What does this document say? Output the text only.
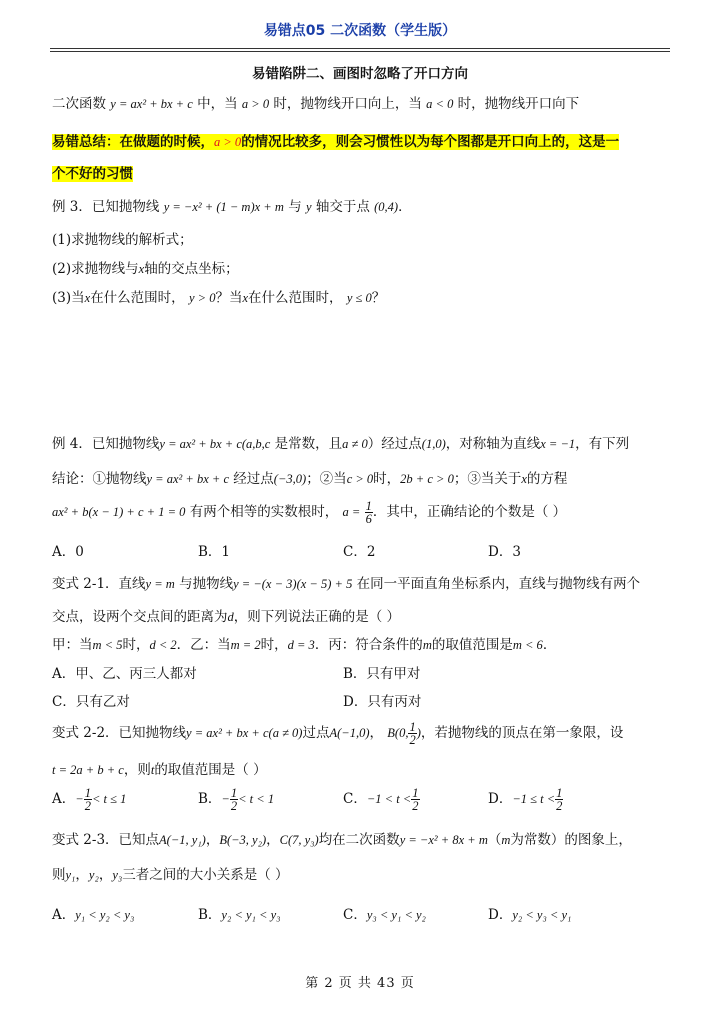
易错点05 二次函数（学生版）
易错陷阱二、画图时忽略了开口方向
二次函数 y = ax² + bx + c 中，当 a > 0 时，抛物线开口向上，当 a < 0 时，抛物线开口向下
易错总结：在做题的时候，a > 0的情况比较多，则会习惯性以为每个图都是开口向上的，这是一
个不好的习惯
例 3．已知抛物线 y = −x² + (1 − m)x + m 与 y 轴交于点 (0,4)．
(1)求抛物线的解析式；
(2)求抛物线与x轴的交点坐标；
(3)当x在什么范围时， y > 0？当x在什么范围时， y ≤ 0？
例 4．已知抛物线y = ax² + bx + c(a,b,c 是常数，且a ≠ 0）经过点(1,0)，对称轴为直线x = −1，有下列
结论：①抛物线y = ax² + bx + c 经过点(−3,0)；②当c > 0时，2b + c > 0；③当关于x的方程
ax² + b(x − 1) + c + 1 = 0 有两个相等的实数根时， $a = \frac{1}{6}$ ．其中，正确结论的个数是（ ）
A．0	B．1	C．2	D．3
变式 2-1．直线y = m 与抛物线y = −(x − 3)(x − 5) + 5 在同一平面直角坐标系内，直线与抛物线有两个
交点，设两个交点间的距离为d，则下列说法正确的是（ ）
甲：当m < 5时，d < 2．乙：当m = 2时，d = 3．丙：符合条件的m的取值范围是m < 6．
A．甲、乙、丙三人都对	B．只有甲对
C．只有乙对	D．只有丙对
变式 2-2．已知抛物线y = ax² + bx + c(a ≠ 0)过点A(−1,0)， B(0, $\frac{1}{2}$ )，若抛物线的顶点在第一象限，设
t = 2a + b + c，则t的取值范围是（ ）
A．− $\frac{1}{2} < t \le 1$	B．− $\frac{1}{2} < t < 1$	C．$-1 < t < \frac{1}{2}$	D．$-1 \le t < \frac{1}{2}$
变式 2-3．已知点A(−1, y₁)，B(−3, y₂)，C(7, y₃)均在二次函数y = −x² + 8x + m（m为常数）的图象上，
则y₁，y₂，y₃三者之间的大小关系是（ ）
A．y₁ < y₂ < y₃	B．y₂ < y₁ < y₃	C．y₃ < y₁ < y₂	D．y₂ < y₃ < y₁
第 2 页 共 43 页
